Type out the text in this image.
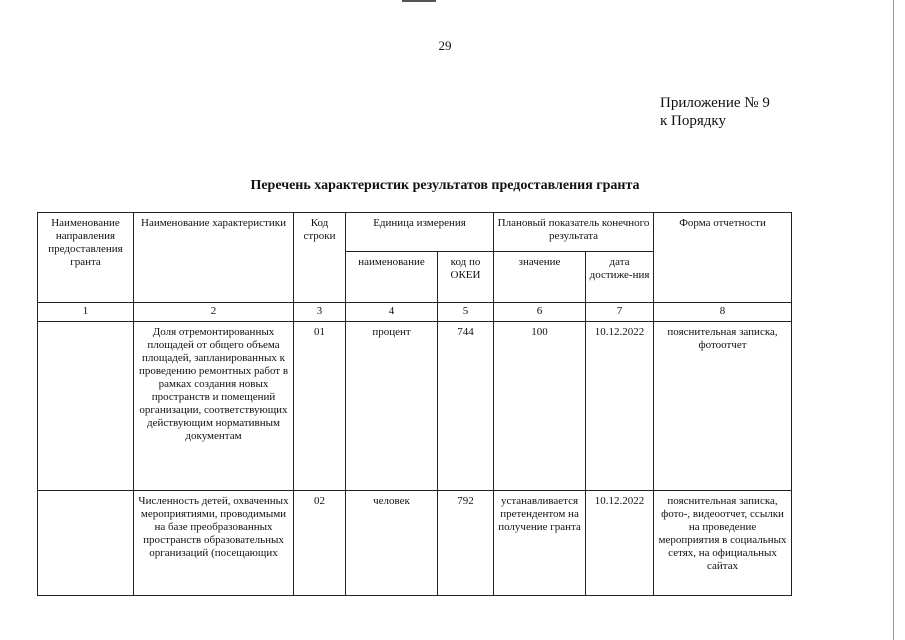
29
Приложение № 9
к Порядку
Перечень характеристик результатов предоставления гранта
Наименование направления предоставления гранта	Наименование характеристики	Код строки	Единица измерения		Плановый показатель конечного результата		Форма отчетности
			наименование	код по ОКЕИ	значение	дата достиже-ния	
1	2	3	4	5	6	7	8
	Доля отремонтированных площадей от общего объема площадей, запланированных к проведению ремонтных работ в рамках создания новых пространств и помещений организации, соответствующих действующим нормативным документам	01	процент	744	100	10.12.2022	пояснительная записка, фотоотчет
	Численность детей, охваченных мероприятиями, проводимыми на базе преобразованных пространств образовательных организаций (посещающих	02	человек	792	устанавливается претендентом на получение гранта	10.12.2022	пояснительная записка, фото-, видеоотчет, ссылки на проведение мероприятия в социальных сетях, на официальных сайтах
